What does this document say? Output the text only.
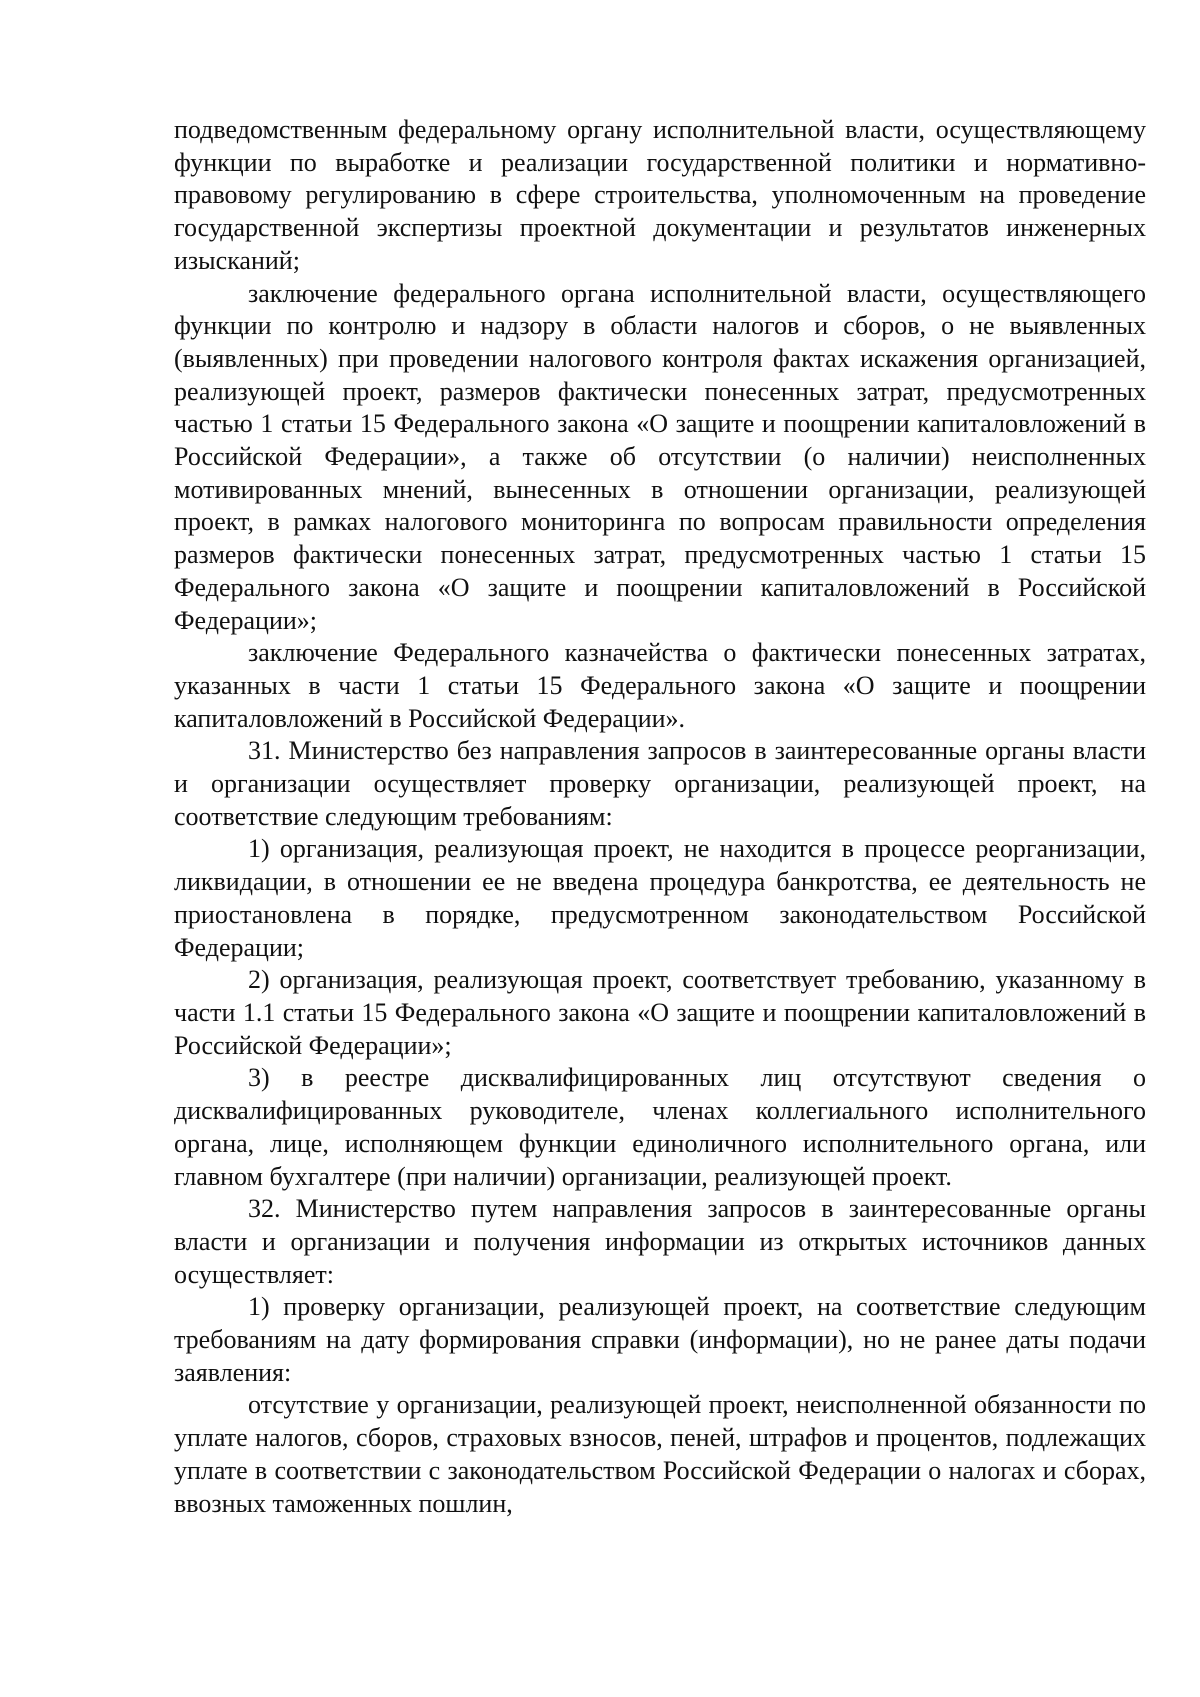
подведомственным федеральному органу исполнительной власти, осуществляющему функции по выработке и реализации государственной политики и нормативно-правовому регулированию в сфере строительства, уполномоченным на проведение государственной экспертизы проектной документации и результатов инженерных изысканий;

заключение федерального органа исполнительной власти, осуществляющего функции по контролю и надзору в области налогов и сборов, о не выявленных (выявленных) при проведении налогового контроля фактах искажения организацией, реализующей проект, размеров фактически понесенных затрат, предусмотренных частью 1 статьи 15 Федерального закона «О защите и поощрении капиталовложений в Российской Федерации», а также об отсутствии (о наличии) неисполненных мотивированных мнений, вынесенных в отношении организации, реализующей проект, в рамках налогового мониторинга по вопросам правильности определения размеров фактически понесенных затрат, предусмотренных частью 1 статьи 15 Федерального закона «О защите и поощрении капиталовложений в Российской Федерации»;

заключение Федерального казначейства о фактически понесенных затратах, указанных в части 1 статьи 15 Федерального закона «О защите и поощрении капиталовложений в Российской Федерации».

31. Министерство без направления запросов в заинтересованные органы власти и организации осуществляет проверку организации, реализующей проект, на соответствие следующим требованиям:

1) организация, реализующая проект, не находится в процессе реорганизации, ликвидации, в отношении ее не введена процедура банкротства, ее деятельность не приостановлена в порядке, предусмотренном законодательством Российской Федерации;

2) организация, реализующая проект, соответствует требованию, указанному в части 1.1 статьи 15 Федерального закона «О защите и поощрении капиталовложений в Российской Федерации»;

3) в реестре дисквалифицированных лиц отсутствуют сведения о дисквалифицированных руководителе, членах коллегиального исполнительного органа, лице, исполняющем функции единоличного исполнительного органа, или главном бухгалтере (при наличии) организации, реализующей проект.

32. Министерство путем направления запросов в заинтересованные органы власти и организации и получения информации из открытых источников данных осуществляет:

1) проверку организации, реализующей проект, на соответствие следующим требованиям на дату формирования справки (информации), но не ранее даты подачи заявления:

отсутствие у организации, реализующей проект, неисполненной обязанности по уплате налогов, сборов, страховых взносов, пеней, штрафов и процентов, подлежащих уплате в соответствии с законодательством Российской Федерации о налогах и сборах, ввозных таможенных пошлин,
